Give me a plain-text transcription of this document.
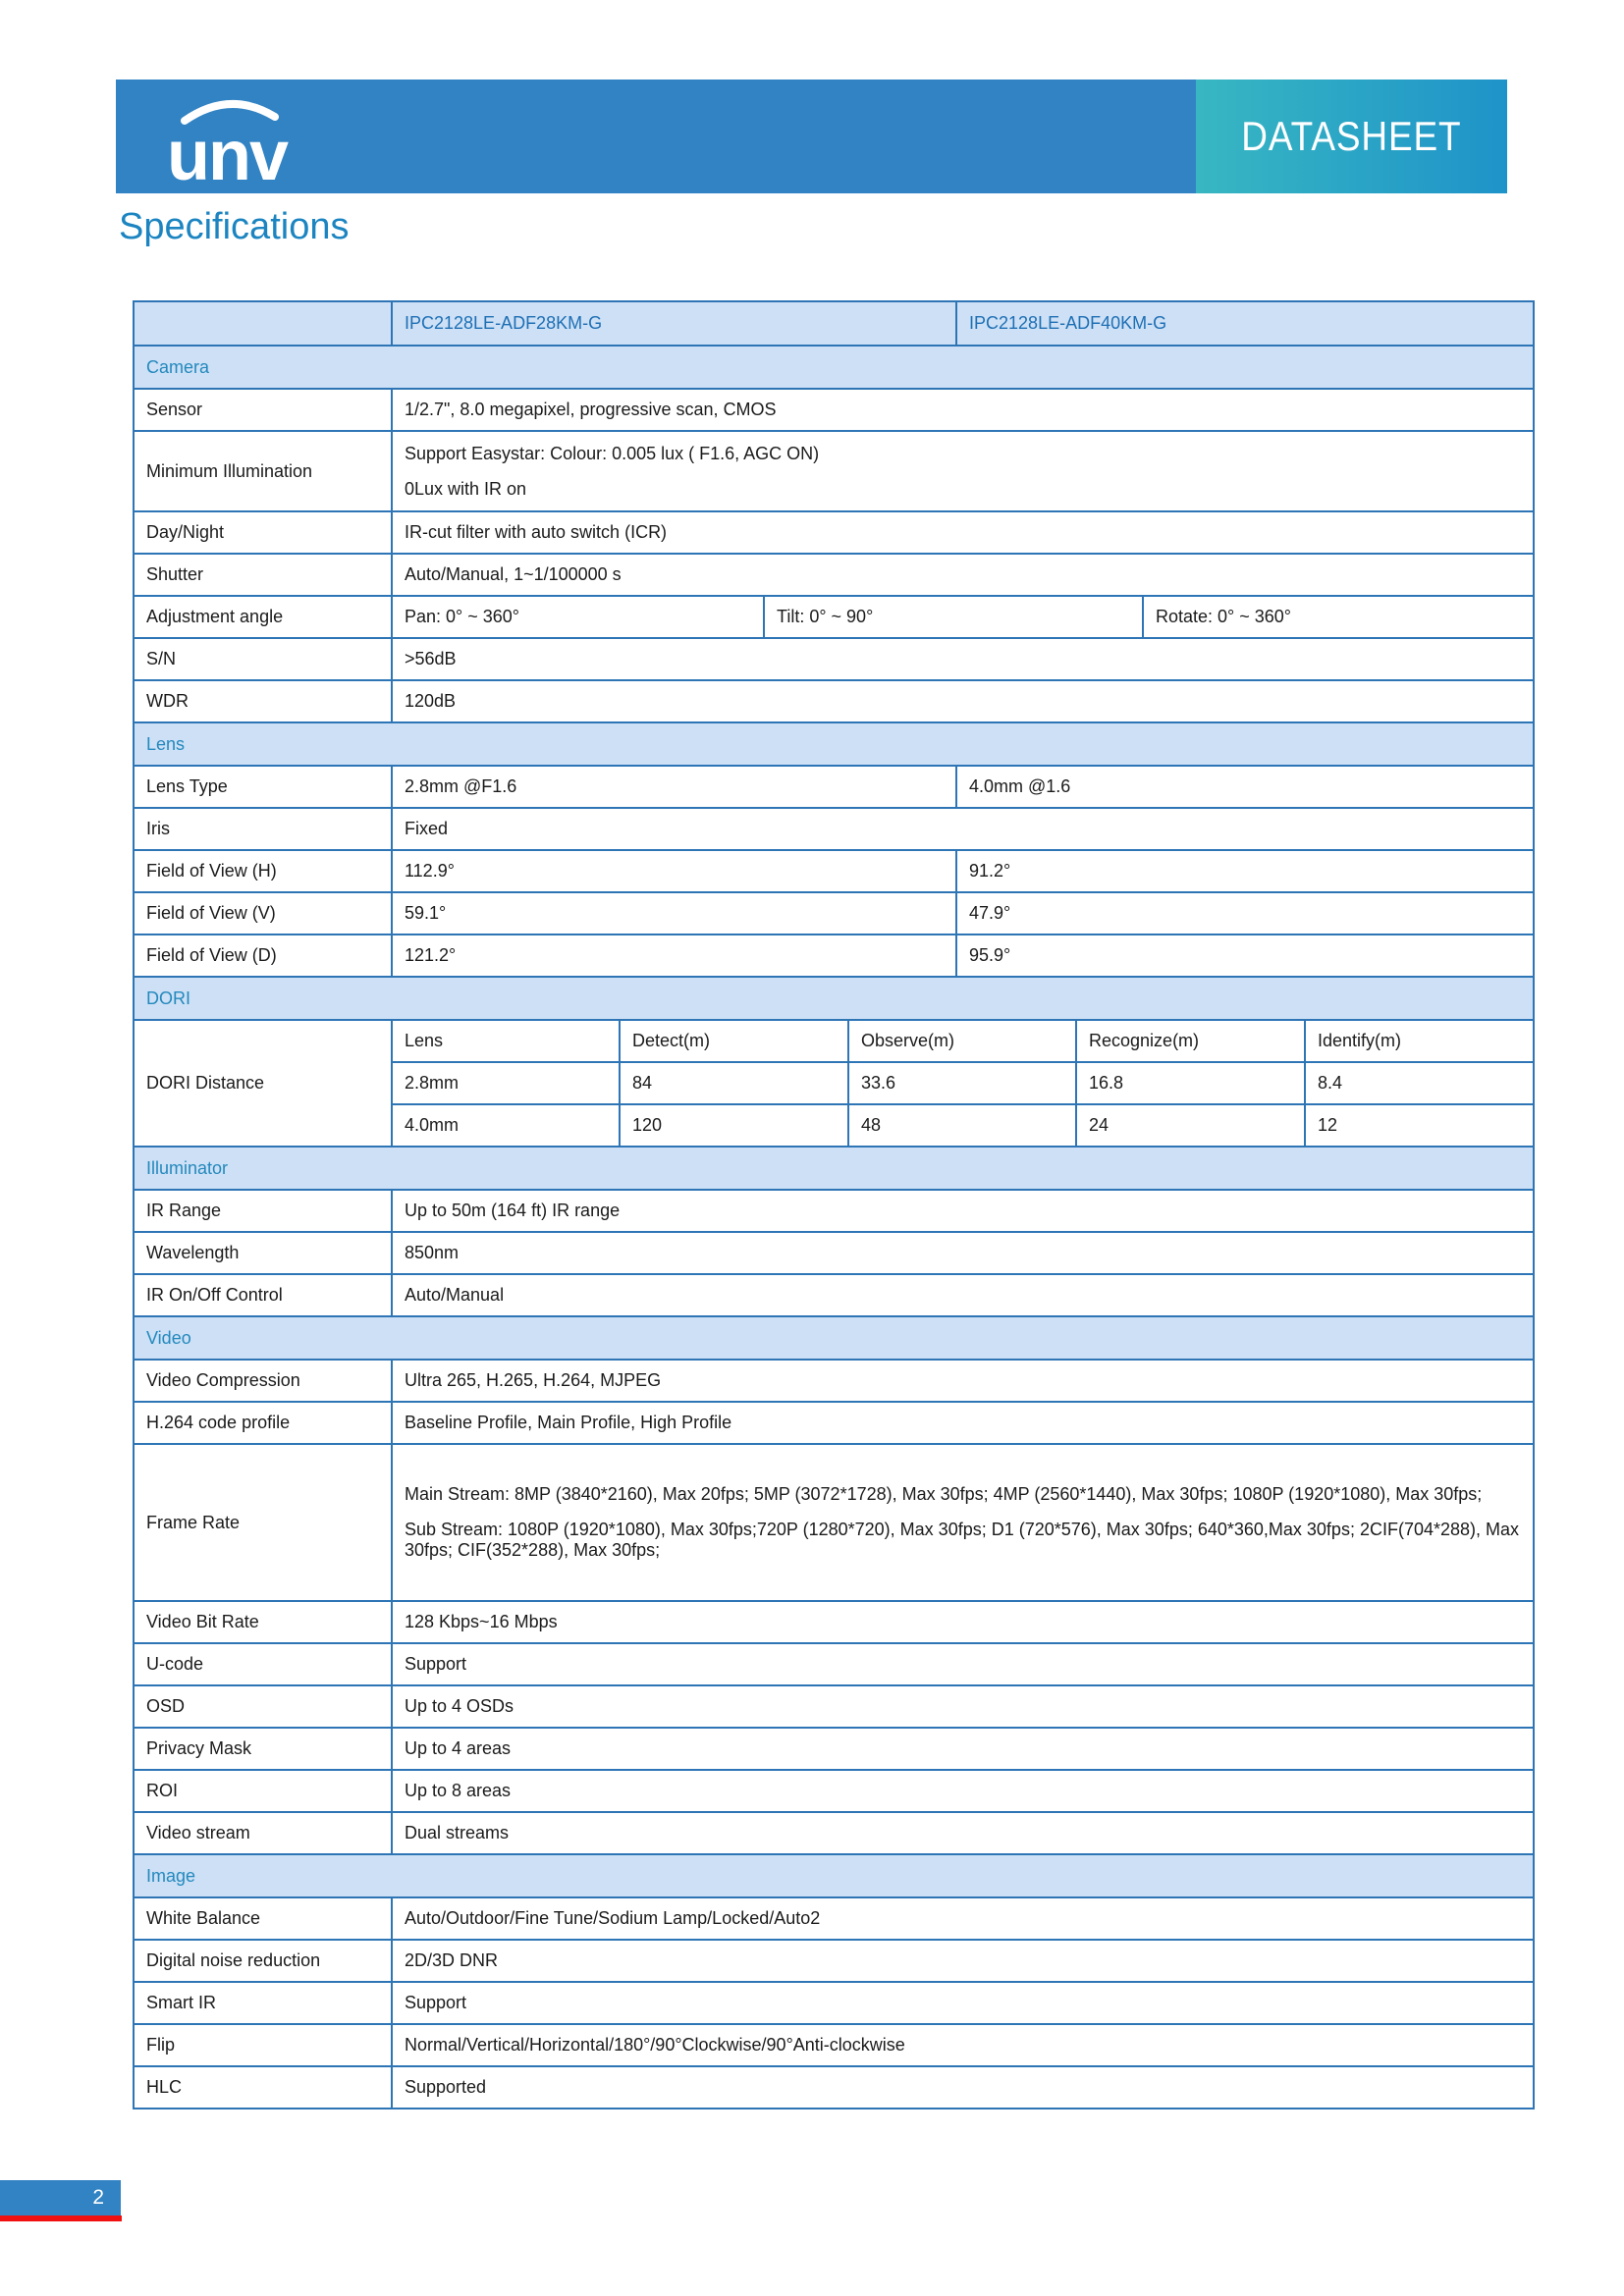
unv	DATASHEET
Specifications
	IPC2128LE-ADF28KM-G				IPC2128LE-ADF40KM-G			
Camera								
Sensor	1/2.7", 8.0 megapixel, progressive scan, CMOS							
Minimum Illumination	Support Easystar: Colour: 0.005 lux ( F1.6, AGC ON)

0Lux with IR on							

Day/Night	IR-cut filter with auto switch (ICR)							
Shutter	Auto/Manual, 1~1/100000 s							
Adjustment angle	Pan: 0° ~ 360°		Tilt: 0° ~ 90°				Rotate: 0° ~ 360°	
S/N	>56dB							
WDR	120dB							
Lens								
Lens Type	2.8mm @F1.6				4.0mm @1.6			
Iris	Fixed							
Field of View (H)	112.9°				91.2°			
Field of View (V)	59.1°				47.9°			
Field of View (D)	121.2°				95.9°			
DORI								
DORI Distance	Lens	Detect(m)		Observe(m)		Recognize(m)		Identify(m)
	2.8mm	84		33.6		16.8		8.4
	4.0mm	120		48		24		12
Illuminator								
IR Range	Up to 50m (164 ft) IR range							
Wavelength	850nm							
IR On/Off Control	Auto/Manual							
Video								
Video Compression	Ultra 265, H.265, H.264, MJPEG							
H.264 code profile	Baseline Profile, Main Profile, High Profile							
Frame Rate	Main Stream: 8MP (3840*2160), Max 20fps; 5MP (3072*1728), Max 30fps; 4MP (2560*1440), Max 30fps; 1080P (1920*1080), Max 30fps;

Sub Stream: 1080P (1920*1080), Max 30fps;720P (1280*720), Max 30fps; D1 (720*576), Max 30fps; 640*360,Max 30fps; 2CIF(704*288), Max 30fps; CIF(352*288), Max 30fps;							

Video Bit Rate	128 Kbps~16 Mbps							
U-code	Support							
OSD	Up to 4 OSDs							
Privacy Mask	Up to 4 areas							
ROI	Up to 8 areas							
Video stream	Dual streams							
Image								
White Balance	Auto/Outdoor/Fine Tune/Sodium Lamp/Locked/Auto2							
Digital noise reduction	2D/3D DNR							
Smart IR	Support							
Flip	Normal/Vertical/Horizontal/180°/90°Clockwise/90°Anti-clockwise							
HLC	Supported							
2
